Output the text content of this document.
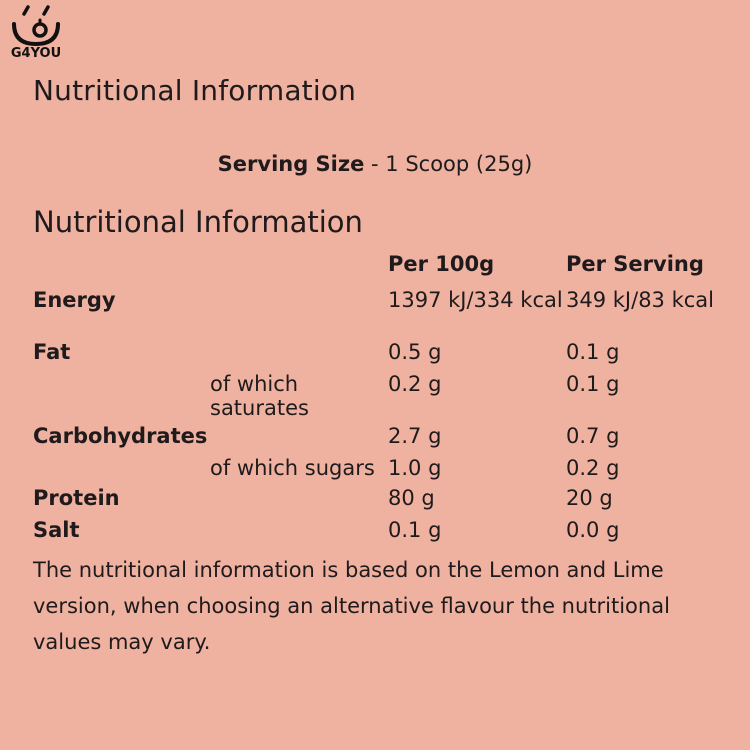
G4YOU
Nutritional Information
Serving Size - 1 Scoop (25g)
Nutritional Information
		Per 100g	Per Serving
Energy		1397 kJ/334 kcal	349 kJ/83 kcal
Fat		0.5 g	0.1 g
	of which saturates	0.2 g	0.1 g
Carbohydrates		2.7 g	0.7 g
	of which sugars	1.0 g	0.2 g
Protein		80 g	20 g
Salt		0.1 g	0.0 g

The nutritional information is based on the Lemon and Lime version, when choosing an alternative flavour the nutritional values may vary.
